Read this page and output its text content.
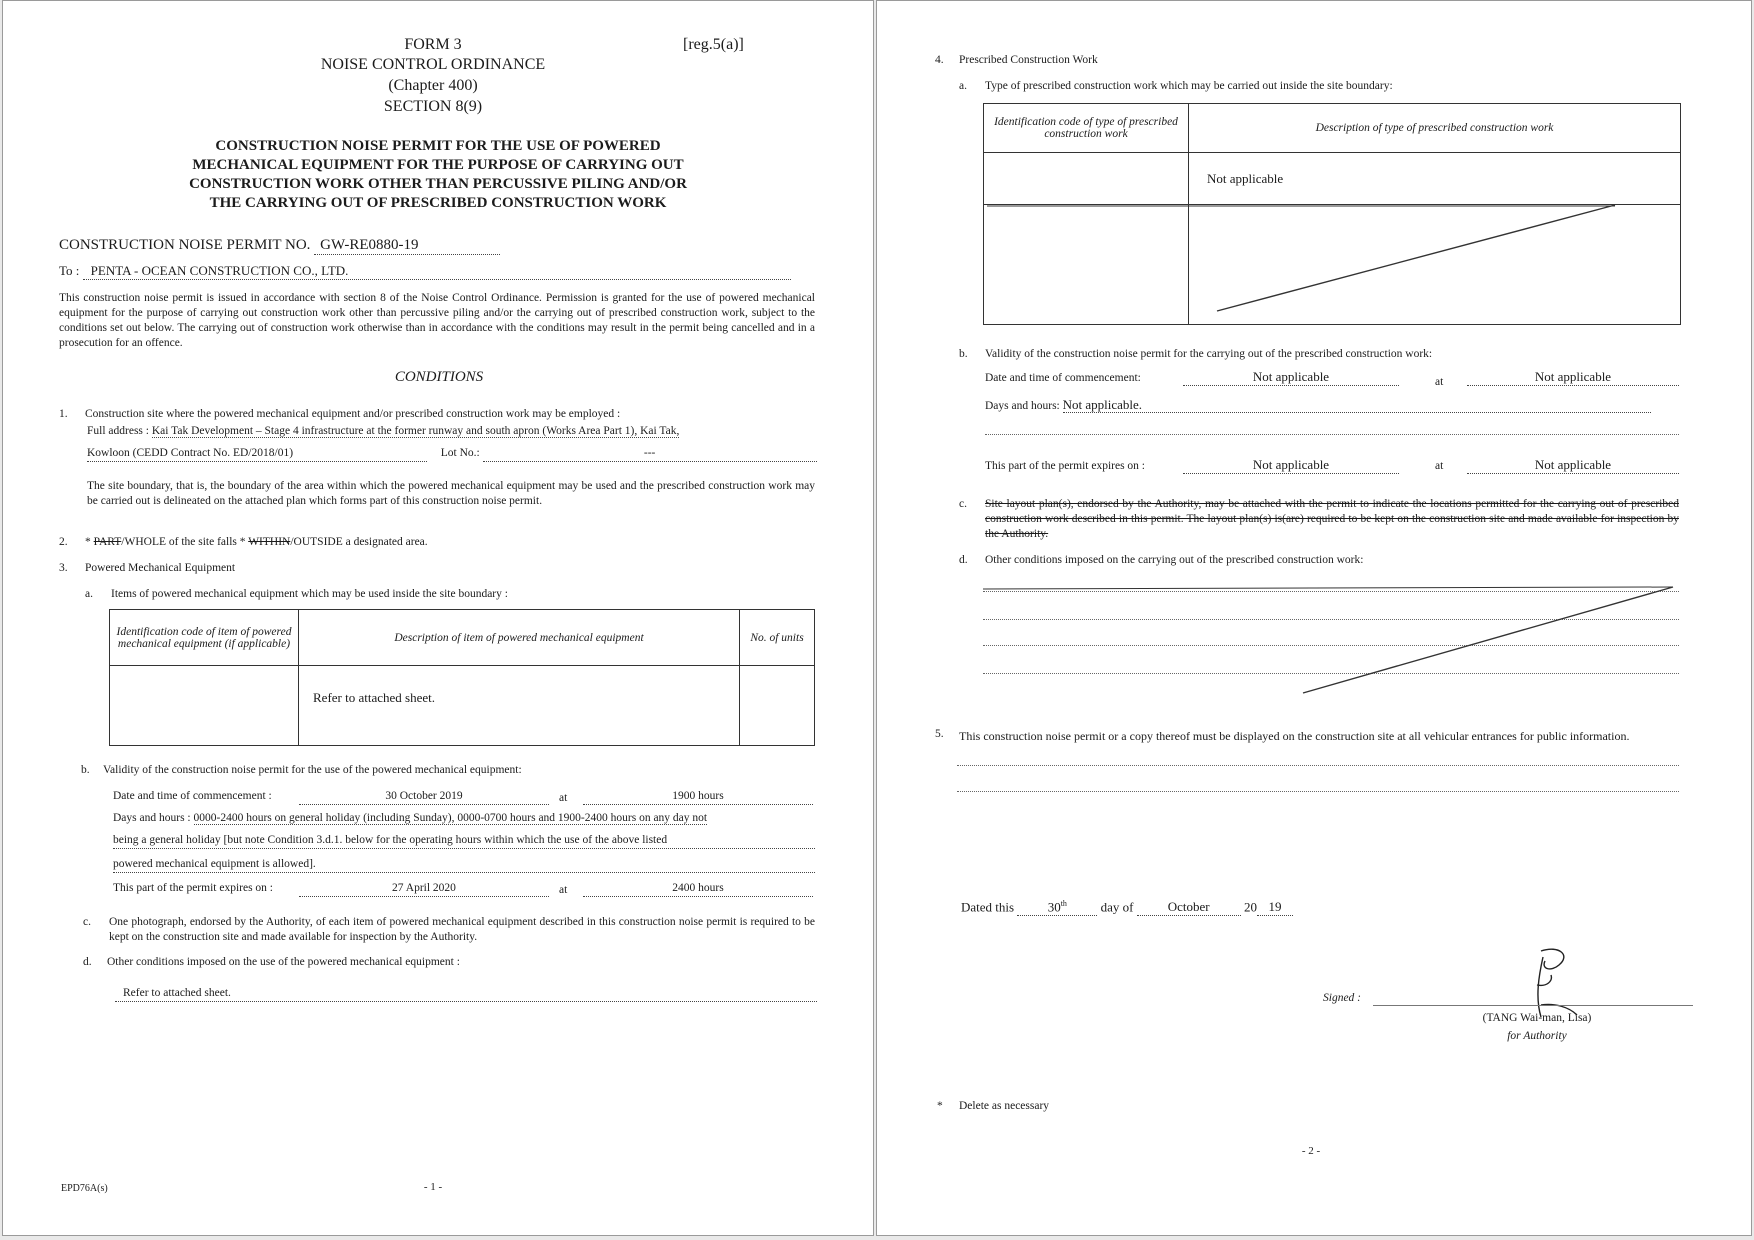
FORM 3	[reg.5(a)]
NOISE CONTROL ORDINANCE
(Chapter 400)
SECTION 8(9)
CONSTRUCTION NOISE PERMIT FOR THE USE OF POWERED
MECHANICAL EQUIPMENT FOR THE PURPOSE OF CARRYING OUT
CONSTRUCTION WORK OTHER THAN PERCUSSIVE PILING AND/OR
THE CARRYING OUT OF PRESCRIBED CONSTRUCTION WORK
CONSTRUCTION NOISE PERMIT NO. GW-RE0880-19
To : PENTA - OCEAN CONSTRUCTION CO., LTD.
This construction noise permit is issued in accordance with section 8 of the Noise Control Ordinance. Permission is granted for the use of powered mechanical equipment for the purpose of carrying out construction work other than percussive piling and/or the carrying out of prescribed construction work, subject to the conditions set out below. The carrying out of construction work otherwise than in accordance with the conditions may result in the permit being cancelled and in a prosecution for an offence.
CONDITIONS
1. Construction site where the powered mechanical equipment and/or prescribed construction work may be employed :
Full address : Kai Tak Development – Stage 4 infrastructure at the former runway and south apron (Works Area Part 1), Kai Tak,
Kowloon (CEDD Contract No. ED/2018/01)	Lot No.:	---
The site boundary, that is, the boundary of the area within which the powered mechanical equipment may be used and the prescribed construction work may be carried out is delineated on the attached plan which forms part of this construction noise permit.
2. * PART/WHOLE of the site falls * WITHIN/OUTSIDE a designated area.
3. Powered Mechanical Equipment
a. Items of powered mechanical equipment which may be used inside the site boundary :
Identification code of item of powered mechanical equipment (if applicable)	Description of item of powered mechanical equipment	No. of units
	Refer to attached sheet.	
b. Validity of the construction noise permit for the use of the powered mechanical equipment:
Date and time of commencement :	30 October 2019	at	1900 hours
Days and hours : 0000-2400 hours on general holiday (including Sunday), 0000-0700 hours and 1900-2400 hours on any day not
being a general holiday [but note Condition 3.d.1. below for the operating hours within which the use of the above listed
powered mechanical equipment is allowed].
This part of the permit expires on :	27 April 2020	at	2400 hours
c. One photograph, endorsed by the Authority, of each item of powered mechanical equipment described in this construction noise permit is required to be kept on the construction site and made available for inspection by the Authority.
d. Other conditions imposed on the use of the powered mechanical equipment :
Refer to attached sheet.
EPD76A(s)	- 1 -
4. Prescribed Construction Work
a. Type of prescribed construction work which may be carried out inside the site boundary:
Identification code of type of prescribed construction work	Description of type of prescribed construction work
	Not applicable

b. Validity of the construction noise permit for the carrying out of the prescribed construction work:
Date and time of commencement:	Not applicable	at	Not applicable
Days and hours: Not applicable.
This part of the permit expires on :	Not applicable	at	Not applicable
c. Site layout plan(s), endorsed by the Authority, may be attached with the permit to indicate the locations permitted for the carrying out of prescribed construction work described in this permit. The layout plan(s) is(are) required to be kept on the construction site and made available for inspection by the Authority.
d. Other conditions imposed on the carrying out of the prescribed construction work:
5. This construction noise permit or a copy thereof must be displayed on the construction site at all vehicular entrances for public information.
Dated this	30th	day of	October	20 19
Signed :
(TANG Wai-man, Lisa)
for Authority
* Delete as necessary
- 2 -
